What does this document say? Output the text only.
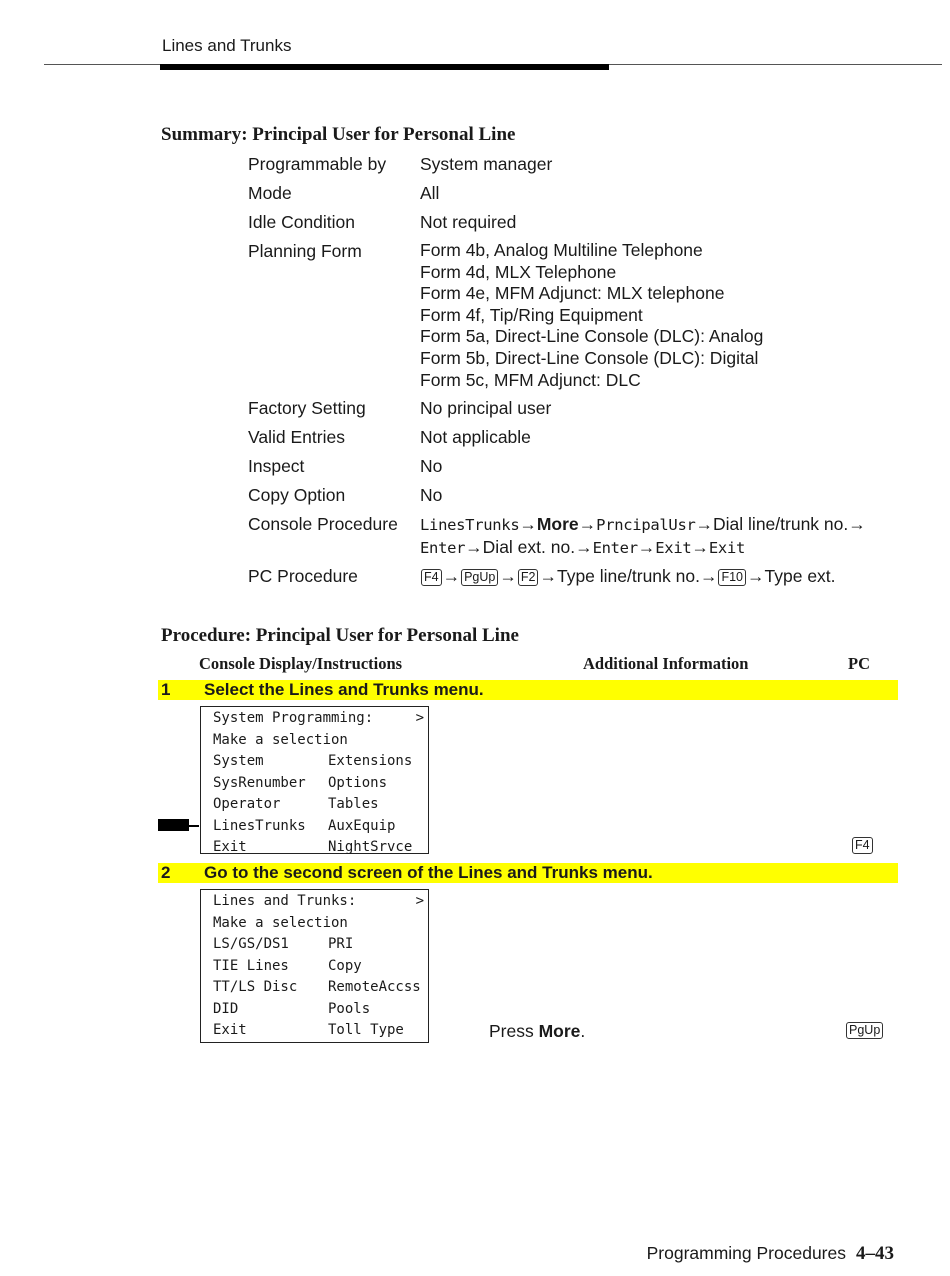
Lines and Trunks
Summary: Principal User for Personal Line
Programmable by	System manager
Mode	All
Idle Condition	Not required
Planning Form	Form 4b, Analog Multiline Telephone
Form 4d, MLX Telephone
Form 4e, MFM Adjunct: MLX telephone
Form 4f, Tip/Ring Equipment
Form 5a, Direct-Line Console (DLC): Analog
Form 5b, Direct-Line Console (DLC): Digital
Form 5c, MFM Adjunct: DLC
Factory Setting	No principal user
Valid Entries	Not applicable
Inspect	No
Copy Option	No
Console Procedure	LinesTrunks→More→PrncipalUsr→Dial line/trunk no.→
Enter→Dial ext. no.→Enter→Exit→Exit
PC Procedure	F4 → PgUp → F2 →Type line/trunk no.→ F10 →Type ext.
Procedure: Principal User for Personal Line
Console Display/Instructions	Additional Information	PC
1 Select the Lines and Trunks menu.
System Programming:	>
Make a selection
System	Extensions
SysRenumber Options
Operator	Tables
LinesTrunks AuxEquip
Exit	NightSrvce	F4
2 Go to the second screen of the Lines and Trunks menu.
Lines and Trunks:	>
Make a selection
LS/GS/DS1	PRI
TIE Lines	Copy
TT/LS Disc RemoteAccss
DID	Pools
Exit	Toll Type	Press More.	PgUp
Programming Procedures 4–43
